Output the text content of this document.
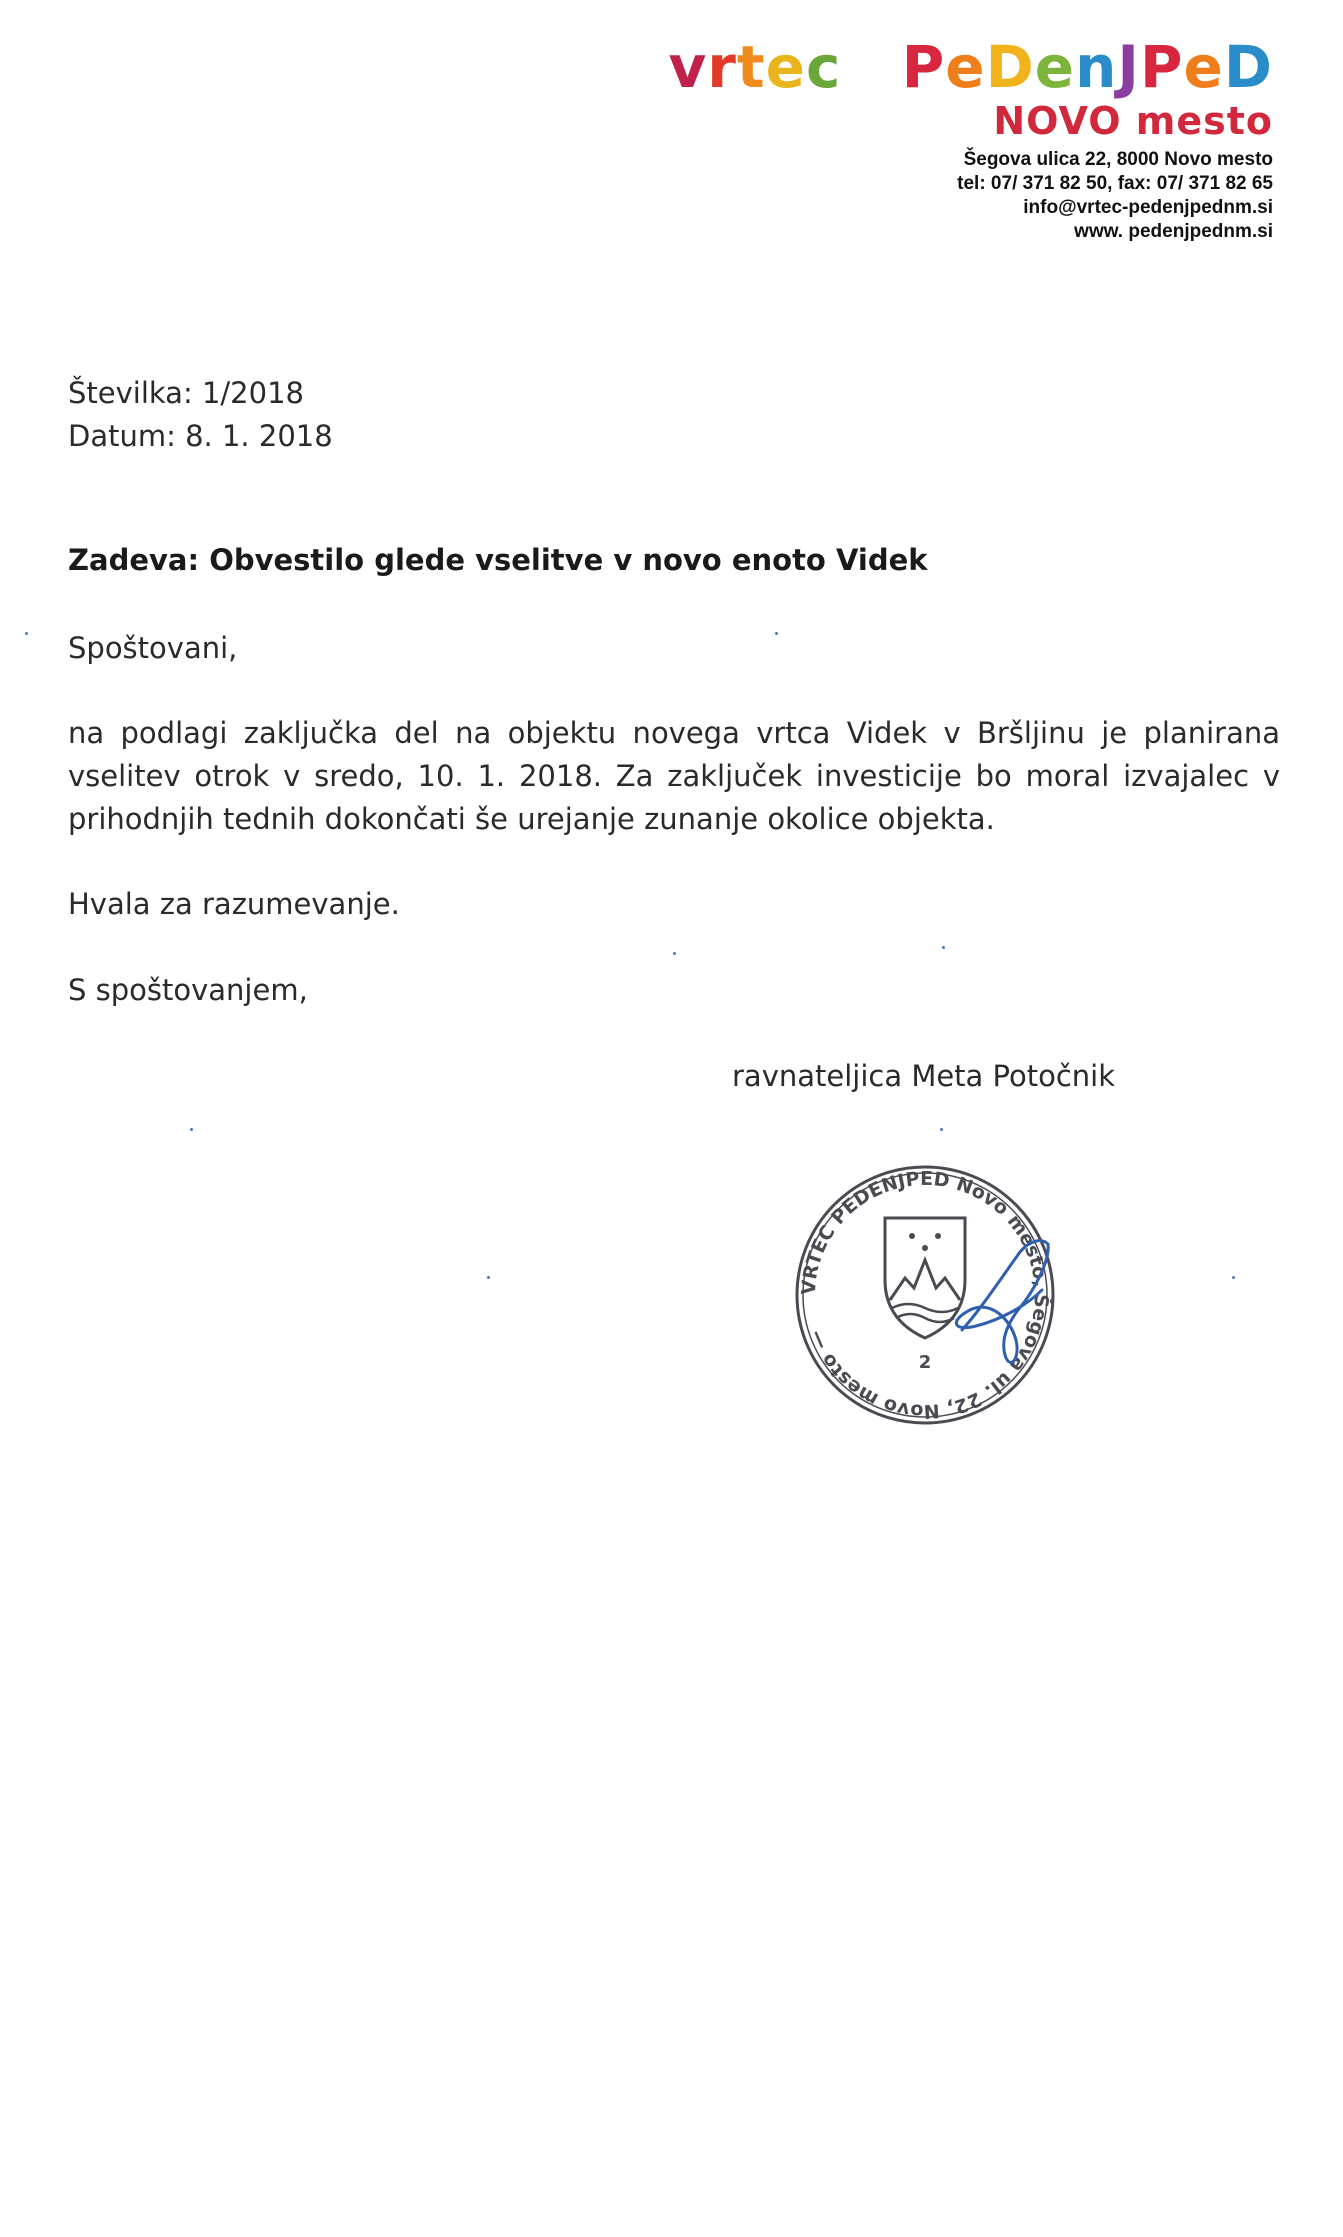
vrtec PeDenJPeD
NOVO mesto
Šegova ulica 22, 8000 Novo mesto
tel: 07/ 371 82 50, fax: 07/ 371 82 65
info@vrtec-pedenjpednm.si
www. pedenjpednm.si
Številka: 1/2018
Datum: 8. 1. 2018
Zadeva: Obvestilo glede vselitve v novo enoto Videk
Spoštovani,
na podlagi zaključka del na objektu novega vrtca Videk v Bršljinu je planirana vselitev otrok v sredo, 10. 1. 2018. Za zaključek investicije bo moral izvajalec v prihodnjih tednih dokončati še urejanje zunanje okolice objekta.
Hvala za razumevanje.
S spoštovanjem,
ravnateljica Meta Potočnik
VRTEC PEDENJPED Novo mesto, Šegova ul. 22, Novo mesto —
2
